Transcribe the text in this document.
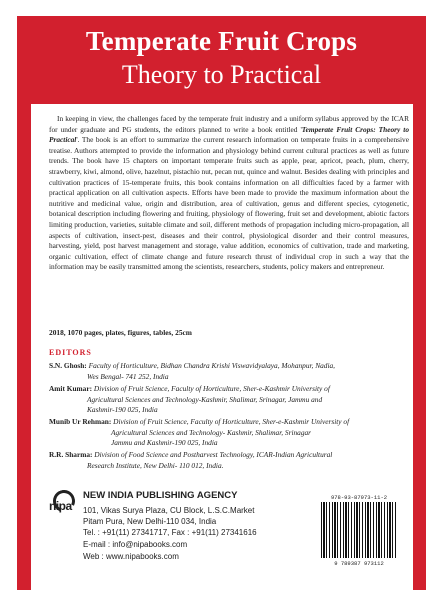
Temperate Fruit Crops
Theory to Practical

In keeping in view, the challenges faced by the temperate fruit industry and a uniform syllabus approved by the ICAR for under graduate and PG students, the editors planned to write a book entitled 'Temperate Fruit Crops: Theory to Practical'. The book is an effort to summarize the current research information on temperate fruits in a comprehensive treatise. Authors attempted to provide the information and physiology behind current cultural practices as well as future trends. The book have 15 chapters on important temperate fruits such as apple, pear, apricot, peach, plum, cherry, strawberry, kiwi, almond, olive, hazelnut, pistachio nut, pecan nut, quince and walnut. Besides dealing with principles and cultivation practices of 15-temperate fruits, this book contains information on all difficulties faced by a farmer with practical application on all cultivation aspects. Efforts have been made to provide the maximum information about the nutritive and medicinal value, origin and distribution, area of cultivation, genus and different species, cytogenetic, botanical description including flowering and fruiting, physiology of flowering, fruit set and development, abiotic factors limiting production, varieties, suitable climate and soil, different methods of propagation including micro-propagation, all aspects of cultivation, insect-pest, diseases and their control, physiological disorder and their control measures, harvesting, yield, post harvest management and storage, value addition, economics of cultivation, trade and marketing, organic cultivation, effect of climate change and future research thrust of individual crop in such a way that the information may be easily transmitted among the scientists, researchers, students, policy makers and entrepreneur.

2018, 1070 pages, plates, figures, tables, 25cm
EDITORS
S.N. Ghosh: Faculty of Horticulture, Bidhan Chandra Krishi Viswavidyalaya, Mohanpur, Nadia,
Wes Bengal- 741 252, India
Amit Kumar: Division of Fruit Science, Faculty of Horticulture, Sher-e-Kashmir University of
Agricultural Sciences and Technology-Kashmir, Shalimar, Srinagar, Jammu and
Kashmir-190 025, India
Munib Ur Rehman: Division of Fruit Science, Faculty of Horticulture, Sher-e-Kashmir University of
Agricultural Sciences and Technology- Kashmir, Shalimar, Srinagar
Jammu and Kashmir-190 025, India
R.R. Sharma: Division of Food Science and Postharvest Technology, ICAR-Indian Agricultural
Research Institute, New Delhi- 110 012, India.
nipa
NEW INDIA PUBLISHING AGENCY
101, Vikas Surya Plaza, CU Block, L.S.C.Market
Pitam Pura, New Delhi-110 034, India
Tel. : +91(11) 27341717, Fax : +91(11) 27341616
E-mail : info@nipabooks.com
Web : www.nipabooks.com
978-93-87973-11-2
9 789387 973112
